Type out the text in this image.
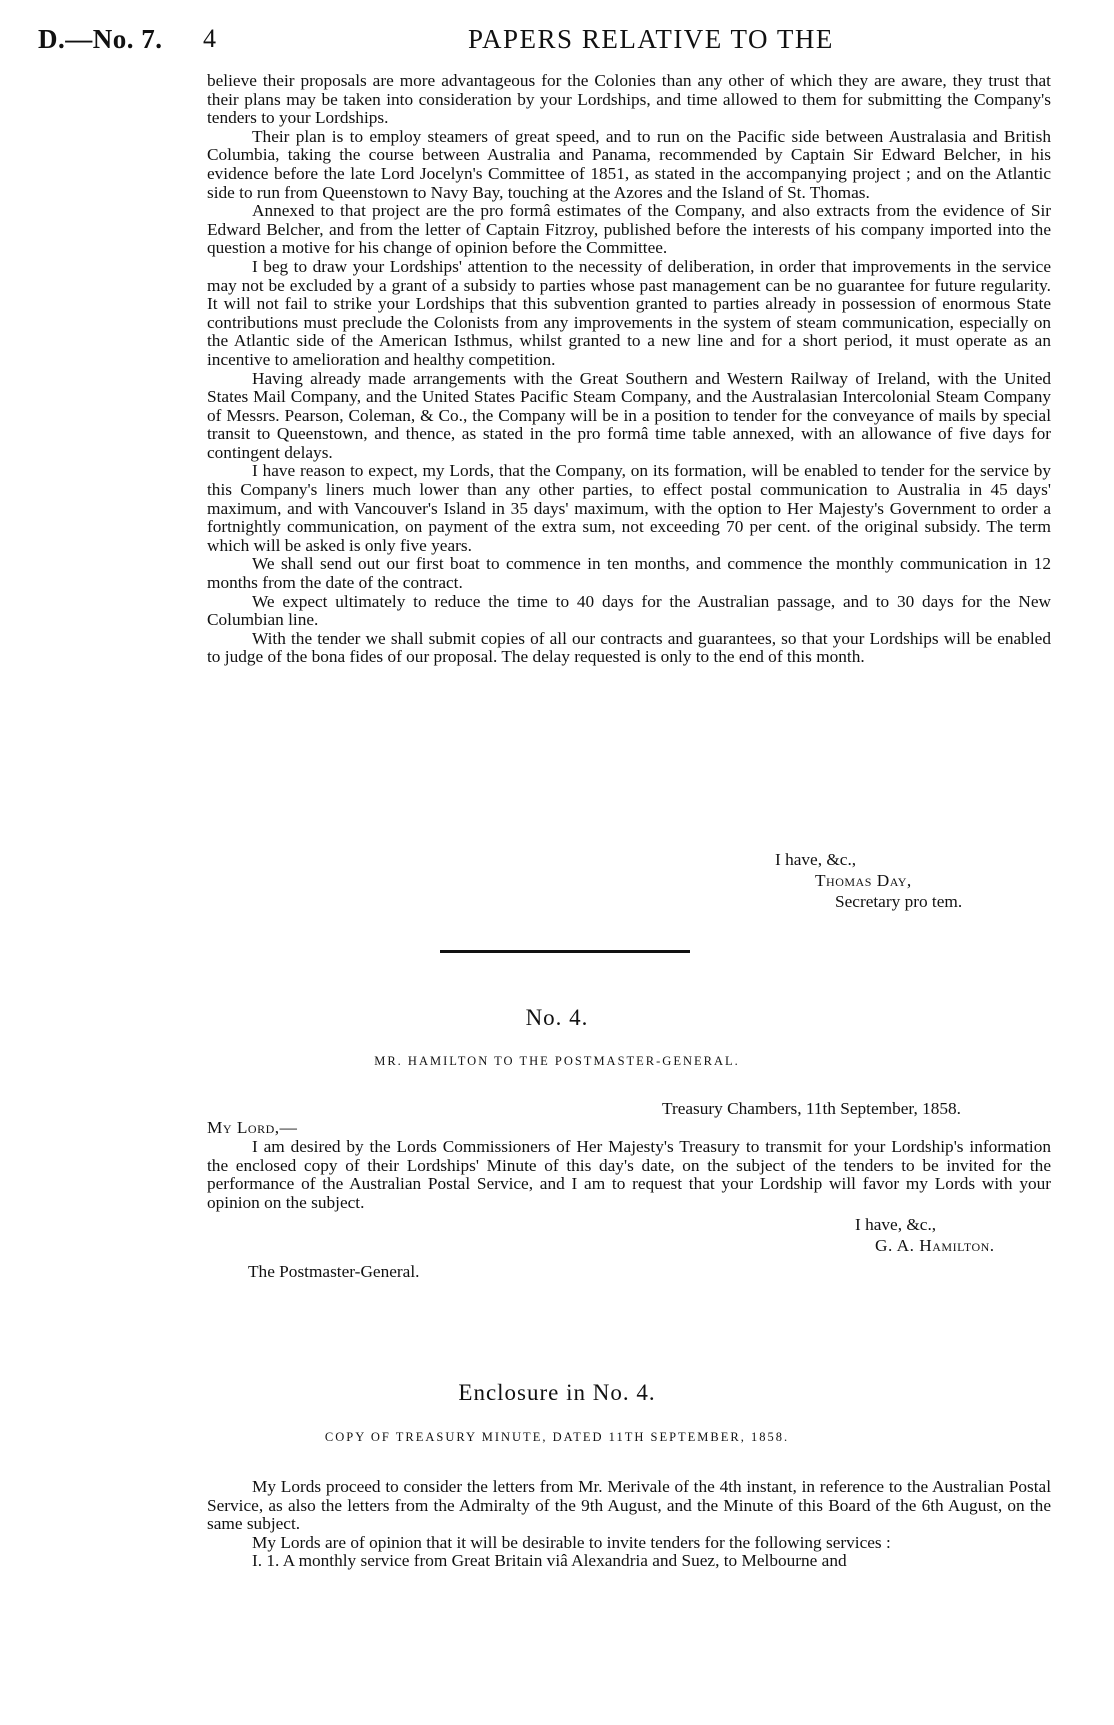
D.—No. 7. 4	PAPERS RELATIVE TO THE

believe their proposals are more advantageous for the Colonies than any other of which they are aware, they trust that their plans may be taken into consideration by your Lordships, and time allowed to them for submitting the Company's tenders to your Lordships.

Their plan is to employ steamers of great speed, and to run on the Pacific side between Australasia and British Columbia, taking the course between Australia and Panama, recommended by Captain Sir Edward Belcher, in his evidence before the late Lord Jocelyn's Committee of 1851, as stated in the accompanying project ; and on the Atlantic side to run from Queenstown to Navy Bay, touching at the Azores and the Island of St. Thomas.

Annexed to that project are the pro formâ estimates of the Company, and also extracts from the evidence of Sir Edward Belcher, and from the letter of Captain Fitzroy, published before the interests of his company imported into the question a motive for his change of opinion before the Committee.

I beg to draw your Lordships' attention to the necessity of deliberation, in order that improvements in the service may not be excluded by a grant of a subsidy to parties whose past management can be no guarantee for future regularity. It will not fail to strike your Lordships that this subvention granted to parties already in possession of enormous State contributions must preclude the Colonists from any improvements in the system of steam communication, especially on the Atlantic side of the American Isthmus, whilst granted to a new line and for a short period, it must operate as an incentive to amelioration and healthy competition.

Having already made arrangements with the Great Southern and Western Railway of Ireland, with the United States Mail Company, and the United States Pacific Steam Company, and the Australasian Intercolonial Steam Company of Messrs. Pearson, Coleman, & Co., the Company will be in a position to tender for the conveyance of mails by special transit to Queenstown, and thence, as stated in the pro formâ time table annexed, with an allowance of five days for contingent delays.

I have reason to expect, my Lords, that the Company, on its formation, will be enabled to tender for the service by this Company's liners much lower than any other parties, to effect postal communication to Australia in 45 days' maximum, and with Vancouver's Island in 35 days' maximum, with the option to Her Majesty's Government to order a fortnightly communication, on payment of the extra sum, not exceeding 70 per cent. of the original subsidy. The term which will be asked is only five years.

We shall send out our first boat to commence in ten months, and commence the monthly communication in 12 months from the date of the contract.

We expect ultimately to reduce the time to 40 days for the Australian passage, and to 30 days for the New Columbian line.

With the tender we shall submit copies of all our contracts and guarantees, so that your Lordships will be enabled to judge of the bona fides of our proposal. The delay requested is only to the end of this month.

I have, &c.,
Thomas Day,
Secretary pro tem.
No. 4.
MR. HAMILTON TO THE POSTMASTER-GENERAL.
Treasury Chambers, 11th September, 1858.
My Lord,—

I am desired by the Lords Commissioners of Her Majesty's Treasury to transmit for your Lordship's information the enclosed copy of their Lordships' Minute of this day's date, on the subject of the tenders to be invited for the performance of the Australian Postal Service, and I am to request that your Lordship will favor my Lords with your opinion on the subject.

I have, &c.,
G. A. Hamilton.
The Postmaster-General.
Enclosure in No. 4.
COPY OF TREASURY MINUTE, DATED 11TH SEPTEMBER, 1858.

My Lords proceed to consider the letters from Mr. Merivale of the 4th instant, in reference to the Australian Postal Service, as also the letters from the Admiralty of the 9th August, and the Minute of this Board of the 6th August, on the same subject.

My Lords are of opinion that it will be desirable to invite tenders for the following services :

I. 1. A monthly service from Great Britain viâ Alexandria and Suez, to Melbourne and
